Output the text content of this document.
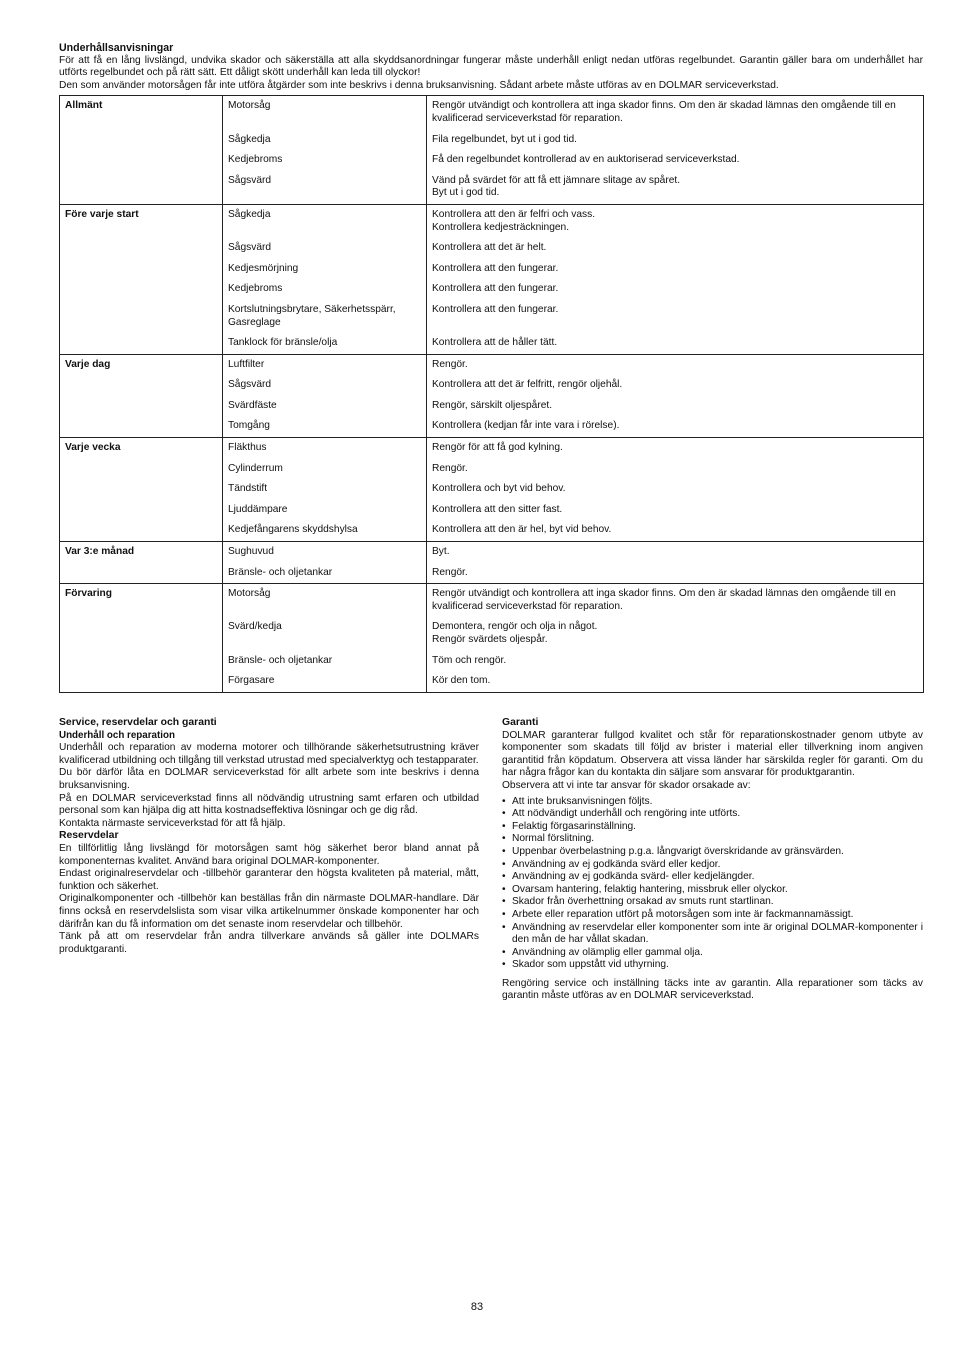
Underhållsanvisningar

För att få en lång livslängd, undvika skador och säkerställa att alla skyddsanordningar fungerar måste underhåll enligt nedan utföras regelbundet. Garantin gäller bara om underhållet har utförts regelbundet och på rätt sätt. Ett dåligt skött underhåll kan leda till olyckor!

Den som använder motorsågen får inte utföra åtgärder som inte beskrivs i denna bruksanvisning. Sådant arbete måste utföras av en DOLMAR serviceverkstad.

Allmänt	Motorsåg	Rengör utvändigt och kontrollera att inga skador finns. Om den är skadad lämnas den omgående till en kvalificerad serviceverkstad för reparation.
	Sågkedja	Fila regelbundet, byt ut i god tid.
	Kedjebroms	Få den regelbundet kontrollerad av en auktoriserad serviceverkstad.
	Sågsvärd	Vänd på svärdet för att få ett jämnare slitage av spåret.
Byt ut i god tid.
Före varje start	Sågkedja	Kontrollera att den är felfri och vass.
Kontrollera kedjesträckningen.
	Sågsvärd	Kontrollera att det är helt.
	Kedjesmörjning	Kontrollera att den fungerar.
	Kedjebroms	Kontrollera att den fungerar.
	Kortslutningsbrytare, Säkerhetsspärr, Gasreglage	Kontrollera att den fungerar.
	Tanklock för bränsle/olja	Kontrollera att de håller tätt.
Varje dag	Luftfilter	Rengör.
	Sågsvärd	Kontrollera att det är felfritt, rengör oljehål.
	Svärdfäste	Rengör, särskilt oljespåret.
	Tomgång	Kontrollera (kedjan får inte vara i rörelse).
Varje vecka	Fläkthus	Rengör för att få god kylning.
	Cylinderrum	Rengör.
	Tändstift	Kontrollera och byt vid behov.
	Ljuddämpare	Kontrollera att den sitter fast.
	Kedjefångarens skyddshylsa	Kontrollera att den är hel, byt vid behov.
Var 3:e månad	Sughuvud	Byt.
	Bränsle- och oljetankar	Rengör.
Förvaring	Motorsåg	Rengör utvändigt och kontrollera att inga skador finns. Om den är skadad lämnas den omgående till en kvalificerad serviceverkstad för reparation.
	Svärd/kedja	Demontera, rengör och olja in något.
Rengör svärdets oljespår.
	Bränsle- och oljetankar	Töm och rengör.
	Förgasare	Kör den tom.

Service, reservdelar och garanti

Underhåll och reparation

Underhåll och reparation av moderna motorer och tillhörande säkerhetsutrustning kräver kvalificerad utbildning och tillgång till verkstad utrustad med specialverktyg och testapparater.

Du bör därför låta en DOLMAR serviceverkstad för allt arbete som inte beskrivs i denna bruksanvisning.

På en DOLMAR serviceverkstad finns all nödvändig utrustning samt erfaren och utbildad personal som kan hjälpa dig att hitta kostnadseffektiva lösningar och ge dig råd.

Kontakta närmaste serviceverkstad för att få hjälp.

Reservdelar

En tillförlitlig lång livslängd för motorsågen samt hög säkerhet beror bland annat på komponenternas kvalitet. Använd bara original DOLMAR-komponenter.

Endast originalreservdelar och -tillbehör garanterar den högsta kvaliteten på material, mått, funktion och säkerhet.

Originalkomponenter och -tillbehör kan beställas från din närmaste DOLMAR-handlare. Där finns också en reservdelslista som visar vilka artikelnummer önskade komponenter har och därifrån kan du få information om det senaste inom reservdelar och tillbehör.

Tänk på att om reservdelar från andra tillverkare används så gäller inte DOLMARs produktgaranti.

Garanti

DOLMAR garanterar fullgod kvalitet och står för reparationskostnader genom utbyte av komponenter som skadats till följd av brister i material eller tillverkning inom angiven garantitid från köpdatum. Observera att vissa länder har särskilda regler för garanti. Om du har några frågor kan du kontakta din säljare som ansvarar för produktgarantin.

Observera att vi inte tar ansvar för skador orsakade av:

• Att inte bruksanvisningen följts.
• Att nödvändigt underhåll och rengöring inte utförts.
• Felaktig förgasarinställning.
• Normal förslitning.
• Uppenbar överbelastning p.g.a. långvarigt överskridande av gränsvärden.
• Användning av ej godkända svärd eller kedjor.
• Användning av ej godkända svärd- eller kedjelängder.
• Ovarsam hantering, felaktig hantering, missbruk eller olyckor.
• Skador från överhettning orsakad av smuts runt startlinan.
• Arbete eller reparation utfört på motorsågen som inte är fackmannamässigt.
• Användning av reservdelar eller komponenter som inte är original DOLMAR-komponenter i den mån de har vållat skadan.
• Användning av olämplig eller gammal olja.
• Skador som uppstått vid uthyrning.

Rengöring service och inställning täcks inte av garantin. Alla reparationer som täcks av garantin måste utföras av en DOLMAR serviceverkstad.

83
